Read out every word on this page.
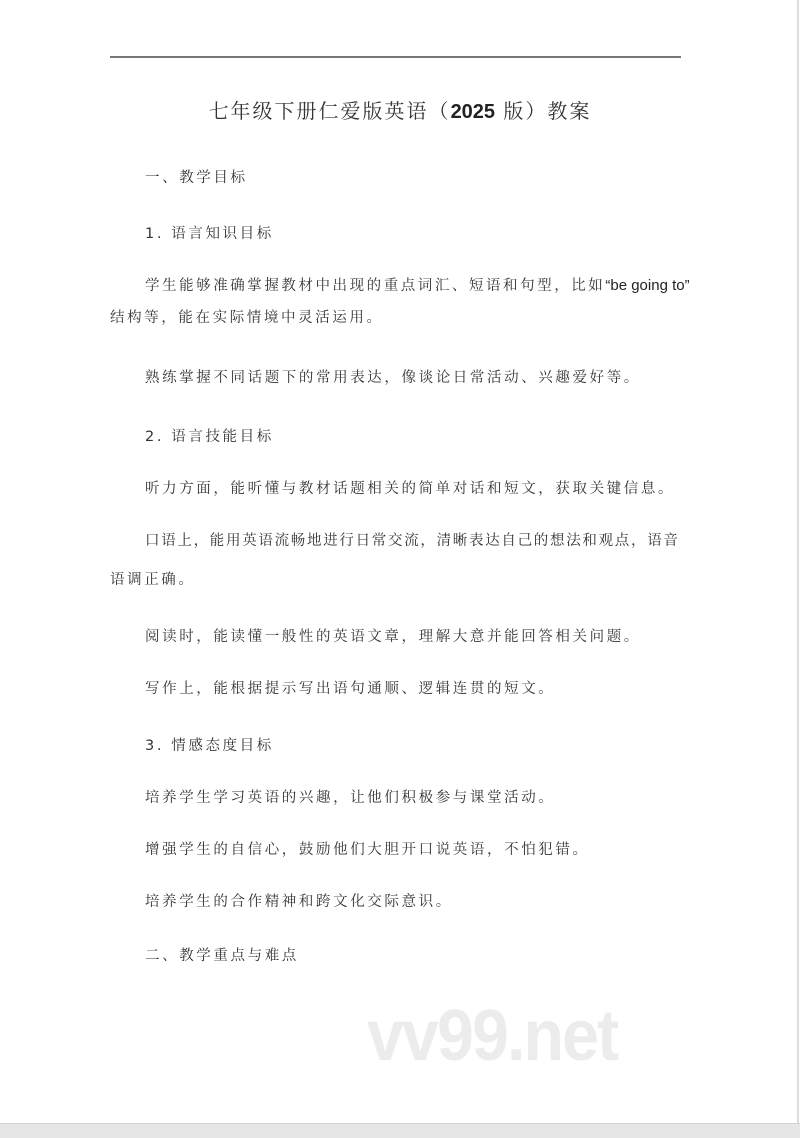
七年级下册仁爱版英语（2025 版）教案
一、教学目标
1. 语言知识目标
学生能够准确掌握教材中出现的重点词汇、短语和句型，比如“be going to”
结构等，能在实际情境中灵活运用。
熟练掌握不同话题下的常用表达，像谈论日常活动、兴趣爱好等。
2. 语言技能目标
听力方面，能听懂与教材话题相关的简单对话和短文，获取关键信息。
口语上，能用英语流畅地进行日常交流，清晰表达自己的想法和观点，语音
语调正确。
阅读时，能读懂一般性的英语文章，理解大意并能回答相关问题。
写作上，能根据提示写出语句通顺、逻辑连贯的短文。
3. 情感态度目标
培养学生学习英语的兴趣，让他们积极参与课堂活动。
增强学生的自信心，鼓励他们大胆开口说英语，不怕犯错。
培养学生的合作精神和跨文化交际意识。
二、教学重点与难点
vv99.net
